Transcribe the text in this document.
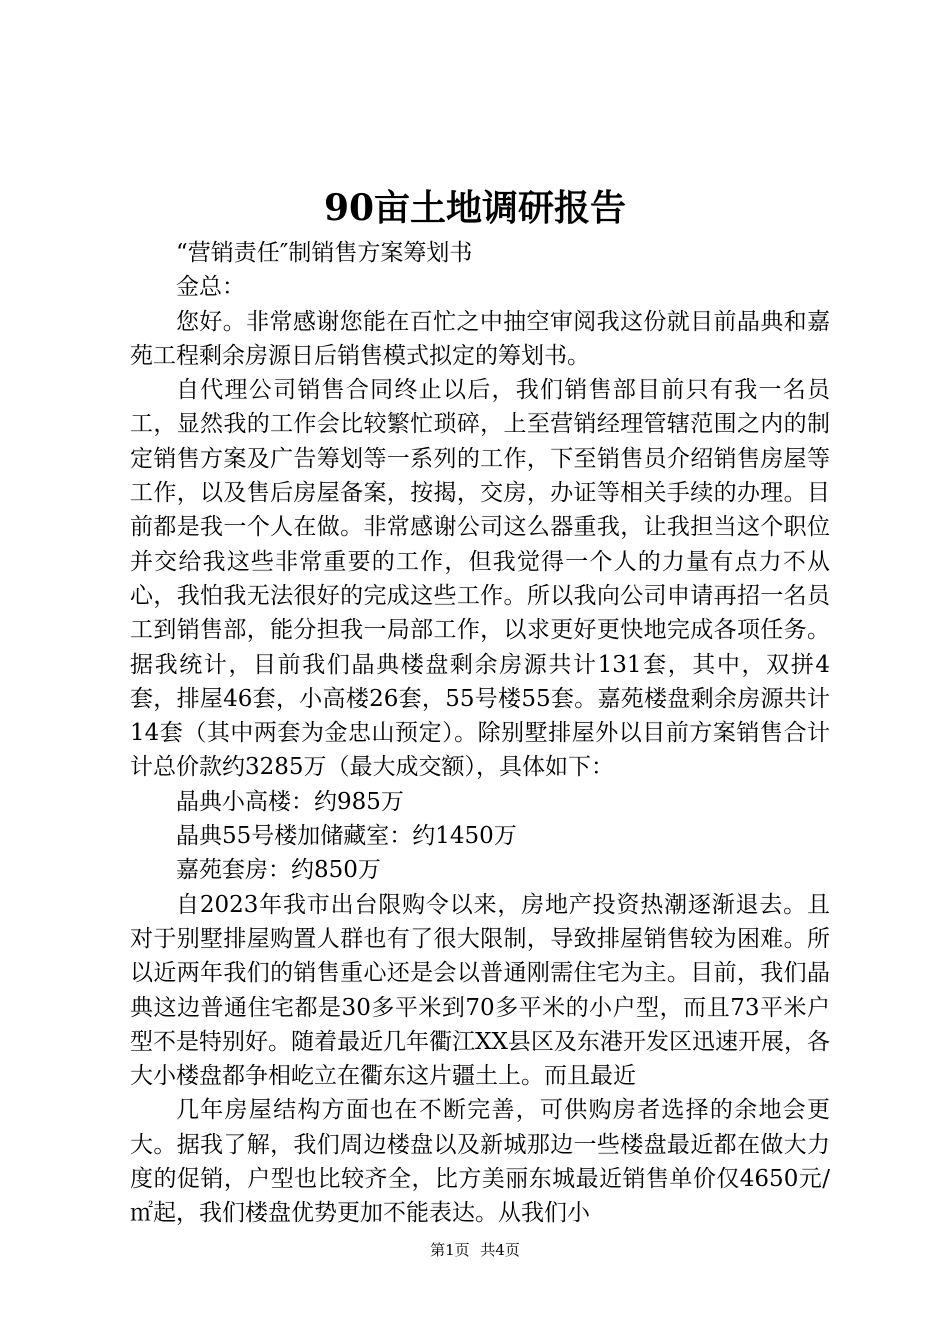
90亩土地调研报告

“营销责任″制销售方案筹划书

金总：

您好。非常感谢您能在百忙之中抽空审阅我这份就目前晶典和嘉苑工程剩余房源日后销售模式拟定的筹划书。

自代理公司销售合同终止以后，我们销售部目前只有我一名员工，显然我的工作会比较繁忙琐碎，上至营销经理管辖范围之内的制定销售方案及广告筹划等一系列的工作，下至销售员介绍销售房屋等工作，以及售后房屋备案，按揭，交房，办证等相关手续的办理。目前都是我一个人在做。非常感谢公司这么器重我，让我担当这个职位并交给我这些非常重要的工作，但我觉得一个人的力量有点力不从心，我怕我无法很好的完成这些工作。所以我向公司申请再招一名员工到销售部，能分担我一局部工作，以求更好更快地完成各项任务。据我统计，目前我们晶典楼盘剩余房源共计131套，其中，双拼4套，排屋46套，小高楼26套，55号楼55套。嘉苑楼盘剩余房源共计14套（其中两套为金忠山预定）。除别墅排屋外以目前方案销售合计计总价款约3285万（最大成交额），具体如下：

晶典小高楼：约985万

晶典55号楼加储藏室：约1450万

嘉苑套房：约850万

自2023年我市出台限购令以来，房地产投资热潮逐渐退去。且对于别墅排屋购置人群也有了很大限制，导致排屋销售较为困难。所以近两年我们的销售重心还是会以普通刚需住宅为主。目前，我们晶典这边普通住宅都是30多平米到70多平米的小户型，而且73平米户型不是特别好。随着最近几年衢江XX县区及东港开发区迅速开展，各大小楼盘都争相屹立在衢东这片疆土上。而且最近

几年房屋结构方面也在不断完善，可供购房者选择的余地会更大。据我了解，我们周边楼盘以及新城那边一些楼盘最近都在做大力度的促销，户型也比较齐全，比方美丽东城最近销售单价仅4650元/㎡起，我们楼盘优势更加不能表达。从我们小

第1页 共4页
